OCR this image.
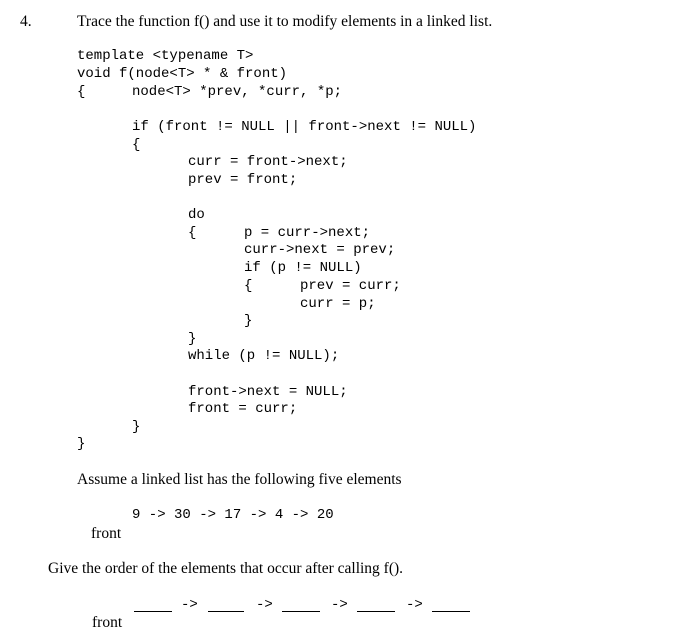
4.	Trace the function f() and use it to modify elements in a linked list.
template <typename T>
void f(node<T> * & front)
{	node<T> *prev, *curr, *p;
if (front != NULL || front->next != NULL)
{
curr = front->next;
prev = front;
do
{	p = curr->next;
curr->next = prev;
if (p != NULL)
{	prev = curr;
curr = p;
}
}
while (p != NULL);
front->next = NULL;
front = curr;
}
}
Assume a linked list has the following five elements
9 -> 30 -> 17 -> 4 -> 20
front
Give the order of the elements that occur after calling f().
->	->	->	->
front
